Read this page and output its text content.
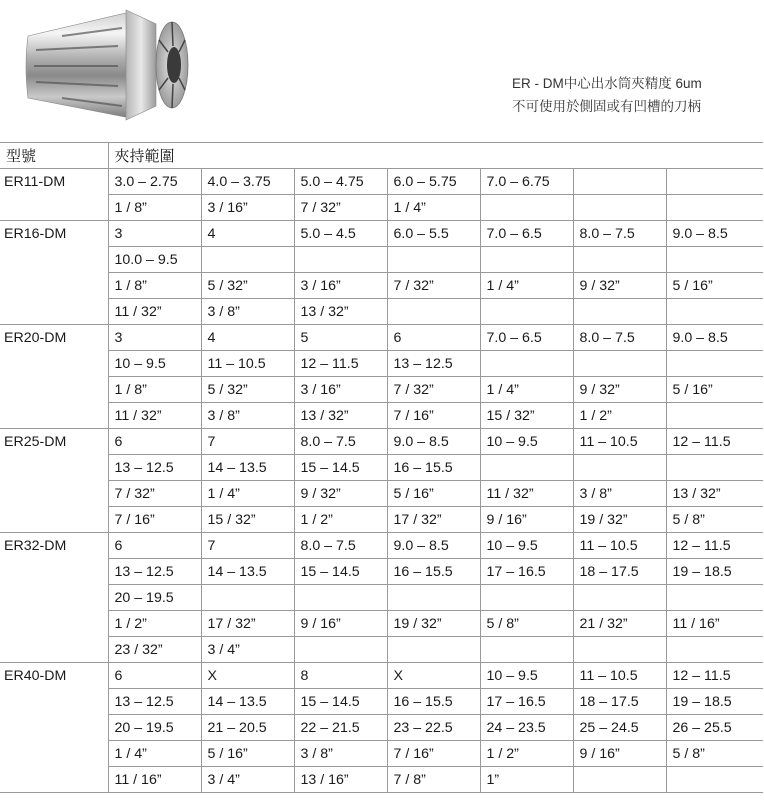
ER - DM中心出水筒夾精度 6um
不可使用於側固或有凹槽的刀柄
型號	夾持範圍						
ER11-DM	3.0 – 2.75	4.0 – 3.75	5.0 – 4.75	6.0 – 5.75	7.0 – 6.75		
	1 / 8”	3 / 16”	7 / 32”	1 / 4”			
ER16-DM	3	4	5.0 – 4.5	6.0 – 5.5	7.0 – 6.5	8.0 – 7.5	9.0 – 8.5
	10.0 – 9.5						
	1 / 8”	5 / 32”	3 / 16”	7 / 32”	1 / 4”	9 / 32”	5 / 16”
	11 / 32”	3 / 8”	13 / 32”				
ER20-DM	3	4	5	6	7.0 – 6.5	8.0 – 7.5	9.0 – 8.5
	10 – 9.5	11 – 10.5	12 – 11.5	13 – 12.5			
	1 / 8”	5 / 32”	3 / 16”	7 / 32”	1 / 4”	9 / 32”	5 / 16”
	11 / 32”	3 / 8”	13 / 32”	7 / 16”	15 / 32”	1 / 2”	
ER25-DM	6	7	8.0 – 7.5	9.0 – 8.5	10 – 9.5	11 – 10.5	12 – 11.5
	13 – 12.5	14 – 13.5	15 – 14.5	16 – 15.5			
	7 / 32”	1 / 4”	9 / 32”	5 / 16”	11 / 32”	3 / 8”	13 / 32”
	7 / 16”	15 / 32”	1 / 2”	17 / 32”	9 / 16”	19 / 32”	5 / 8”
ER32-DM	6	7	8.0 – 7.5	9.0 – 8.5	10 – 9.5	11 – 10.5	12 – 11.5
	13 – 12.5	14 – 13.5	15 – 14.5	16 – 15.5	17 – 16.5	18 – 17.5	19 – 18.5
	20 – 19.5						
	1 / 2”	17 / 32”	9 / 16”	19 / 32”	5 / 8”	21 / 32”	11 / 16”
	23 / 32”	3 / 4”					
ER40-DM	6	X	8	X	10 – 9.5	11 – 10.5	12 – 11.5
	13 – 12.5	14 – 13.5	15 – 14.5	16 – 15.5	17 – 16.5	18 – 17.5	19 – 18.5
	20 – 19.5	21 – 20.5	22 – 21.5	23 – 22.5	24 – 23.5	25 – 24.5	26 – 25.5
	1 / 4”	5 / 16”	3 / 8”	7 / 16”	1 / 2”	9 / 16”	5 / 8”
	11 / 16”	3 / 4”	13 / 16”	7 / 8”	1”		
